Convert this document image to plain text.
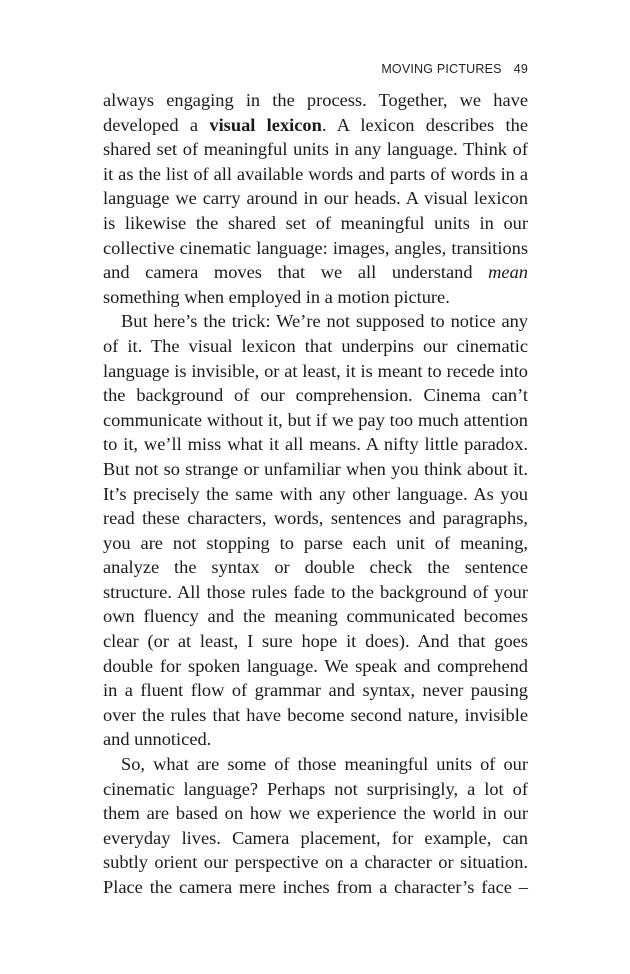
MOVING PICTURES 49

always engaging in the process. Together, we have developed a visual lexicon. A lexicon describes the shared set of meaningful units in any language. Think of it as the list of all available words and parts of words in a language we carry around in our heads. A visual lexicon is likewise the shared set of meaningful units in our collective cinematic language: images, angles, transitions and camera moves that we all understand mean something when employed in a motion picture.

But here’s the trick: We’re not supposed to notice any of it. The visual lexicon that underpins our cinematic language is invisible, or at least, it is meant to recede into the background of our comprehension. Cinema can’t communicate without it, but if we pay too much attention to it, we’ll miss what it all means. A nifty little paradox. But not so strange or unfamiliar when you think about it. It’s precisely the same with any other language. As you read these characters, words, sentences and paragraphs, you are not stopping to parse each unit of meaning, analyze the syntax or double check the sentence structure. All those rules fade to the background of your own fluency and the meaning communicated becomes clear (or at least, I sure hope it does). And that goes double for spoken language. We speak and comprehend in a fluent flow of grammar and syntax, never pausing over the rules that have become second nature, invisible and unnoticed.

So, what are some of those meaningful units of our cinematic language? Perhaps not surprisingly, a lot of them are based on how we experience the world in our everyday lives. Camera placement, for example, can subtly orient our perspective on a character or situation. Place the camera mere inches from a character’s face –
